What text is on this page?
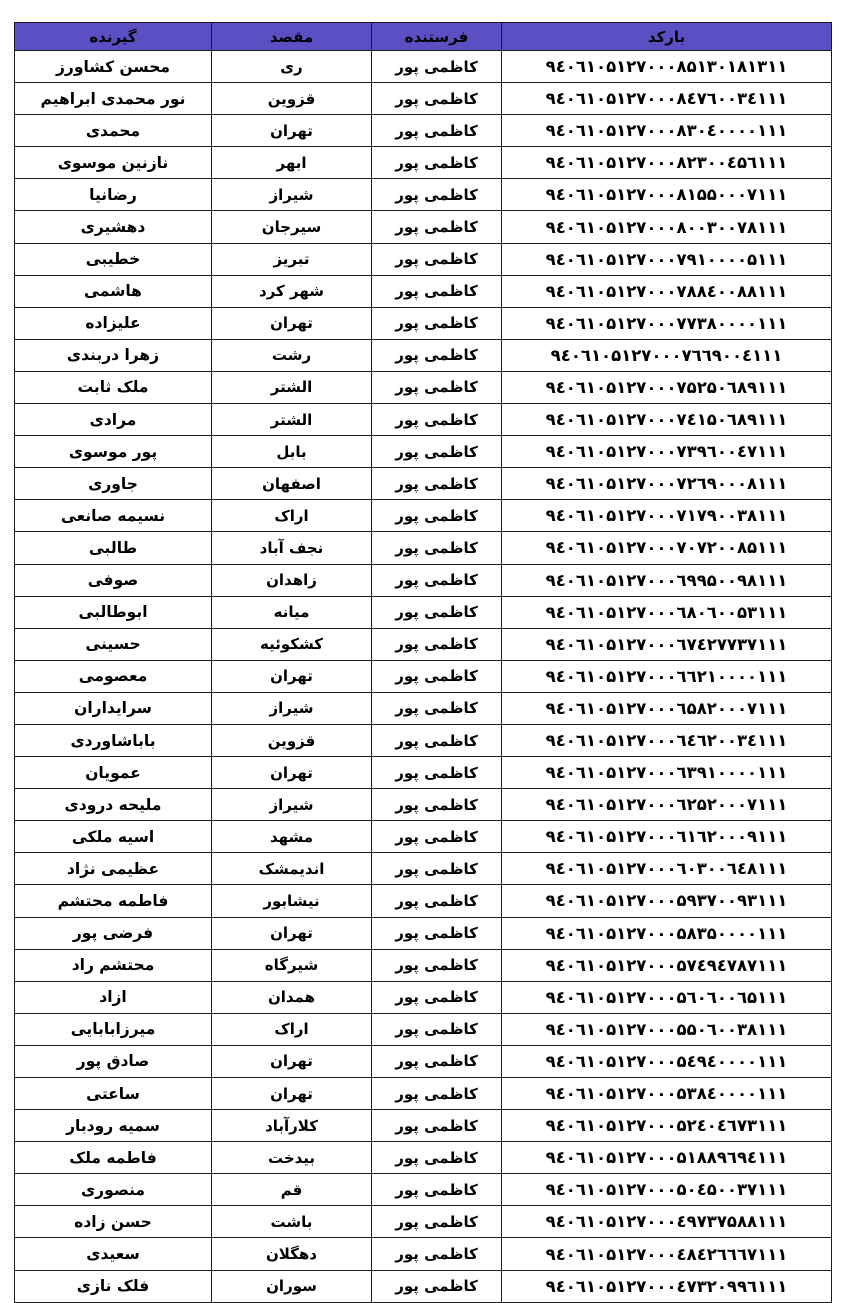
بارکد	فرستنده	مقصد	گیرنده
۹٤۰٦۱۰۵۱۲۷۰۰۰۸۵۱۳۰۱۸۱۳۱۱	کاظمی پور	ری	محسن کشاورز
۹٤۰٦۱۰۵۱۲۷۰۰۰۸٤٧٦۰۰۳٤۱۱۱	کاظمی پور	قزوین	نور محمدی ابراهیم
۹٤۰٦۱۰۵۱۲۷۰۰۰۸۳۰٤۰۰۰۰۱۱۱	کاظمی پور	تهران	محمدی
۹٤۰٦۱۰۵۱۲۷۰۰۰۸۲۳۰۰٤۵٦۱۱۱	کاظمی پور	ابهر	نازنین موسوی
۹٤۰٦۱۰۵۱۲۷۰۰۰۸۱۵۵۰۰۰٧۱۱۱	کاظمی پور	شیراز	رضانیا
۹٤۰٦۱۰۵۱۲۷۰۰۰۸۰۰۳۰۰٧۸۱۱۱	کاظمی پور	سیرجان	دهشیری
۹٤۰٦۱۰۵۱۲۷۰۰۰٧۹۱۰۰۰۰۵۱۱۱	کاظمی پور	تبریز	خطیبی
۹٤۰٦۱۰۵۱۲۷۰۰۰٧۸۸٤۰۰۸۸۱۱۱	کاظمی پور	شهر کرد	هاشمی
۹٤۰٦۱۰۵۱۲۷۰۰۰٧٧۳۸۰۰۰۰۱۱۱	کاظمی پور	تهران	علیزاده
۹٤۰٦۱۰۵۱۲۷۰۰۰٧٦٦۹۰۰٤۱۱۱	کاظمی پور	رشت	زهرا دربندی
۹٤۰٦۱۰۵۱۲۷۰۰۰٧۵۲۵۰٦۸۹۱۱۱	کاظمی پور	الشتر	ملک ثابت
۹٤۰٦۱۰۵۱۲۷۰۰۰٧٤۱۵۰٦۸۹۱۱۱	کاظمی پور	الشتر	مرادی
۹٤۰٦۱۰۵۱۲۷۰۰۰٧۳۹٦۰۰٤٧۱۱۱	کاظمی پور	بابل	پور موسوی
۹٤۰٦۱۰۵۱۲۷۰۰۰٧۲٦۹۰۰۰۸۱۱۱	کاظمی پور	اصفهان	جاوری
۹٤۰٦۱۰۵۱۲۷۰۰۰٧۱٧۹۰۰۳۸۱۱۱	کاظمی پور	اراک	نسیمه صانعی
۹٤۰٦۱۰۵۱۲۷۰۰۰٧۰٧۲۰۰۸۵۱۱۱	کاظمی پور	نجف آباد	طالبی
۹٤۰٦۱۰۵۱۲۷۰۰۰٦۹۹۵۰۰۹۸۱۱۱	کاظمی پور	زاهدان	صوفی
۹٤۰٦۱۰۵۱۲۷۰۰۰٦۸۰٦۰۰۵۳۱۱۱	کاظمی پور	میانه	ابوطالبی
۹٤۰٦۱۰۵۱۲۷۰۰۰٦٧٤۲٧٧۳٧۱۱۱	کاظمی پور	کشکوئیه	حسینی
۹٤۰٦۱۰۵۱۲۷۰۰۰٦٦۲۱۰۰۰۰۱۱۱	کاظمی پور	تهران	معصومی
۹٤۰٦۱۰۵۱۲۷۰۰۰٦۵۸۲۰۰۰٧۱۱۱	کاظمی پور	شیراز	سرایداران
۹٤۰٦۱۰۵۱۲۷۰۰۰٦٤٦۲۰۰۳٤۱۱۱	کاظمی پور	قزوین	باباشاوردی
۹٤۰٦۱۰۵۱۲۷۰۰۰٦۳۹۱۰۰۰۰۱۱۱	کاظمی پور	تهران	عمویان
۹٤۰٦۱۰۵۱۲۷۰۰۰٦۲۵۲۰۰۰٧۱۱۱	کاظمی پور	شیراز	ملیحه درودی
۹٤۰٦۱۰۵۱۲۷۰۰۰٦۱٦۲۰۰۰۹۱۱۱	کاظمی پور	مشهد	اسیه ملکی
۹٤۰٦۱۰۵۱۲۷۰۰۰٦۰۳۰۰٦٤۸۱۱۱	کاظمی پور	اندیمشک	عظیمی نژاد
۹٤۰٦۱۰۵۱۲۷۰۰۰۵۹۳٧۰۰۹۳۱۱۱	کاظمی پور	نیشابور	فاطمه محتشم
۹٤۰٦۱۰۵۱۲۷۰۰۰۵۸۳۵۰۰۰۰۱۱۱	کاظمی پور	تهران	فرضی پور
۹٤۰٦۱۰۵۱۲۷۰۰۰۵٧٤۹٤٧۸٧۱۱۱	کاظمی پور	شیرگاه	محتشم راد
۹٤۰٦۱۰۵۱۲۷۰۰۰۵٦۰٦۰۰٦۵۱۱۱	کاظمی پور	همدان	ازاد
۹٤۰٦۱۰۵۱۲۷۰۰۰۵۵۰٦۰۰۳۸۱۱۱	کاظمی پور	اراک	میرزابابایی
۹٤۰٦۱۰۵۱۲۷۰۰۰۵٤۹٤۰۰۰۰۱۱۱	کاظمی پور	تهران	صادق پور
۹٤۰٦۱۰۵۱۲۷۰۰۰۵۳۸٤۰۰۰۰۱۱۱	کاظمی پور	تهران	ساعتی
۹٤۰٦۱۰۵۱۲۷۰۰۰۵۲٤۰٤٦٧۳۱۱۱	کاظمی پور	کلارآباد	سمیه رودبار
۹٤۰٦۱۰۵۱۲۷۰۰۰۵۱۸۸۹٦۹٤۱۱۱	کاظمی پور	بیدخت	فاطمه ملک
۹٤۰٦۱۰۵۱۲۷۰۰۰۵۰٤۵۰۰۳٧۱۱۱	کاظمی پور	قم	منصوری
۹٤۰٦۱۰۵۱۲۷۰۰۰٤۹٧۳٧۵۸۸۱۱۱	کاظمی پور	باشت	حسن زاده
۹٤۰٦۱۰۵۱۲۷۰۰۰٤۸٤۲٦٦٦٧۱۱۱	کاظمی پور	دهگلان	سعیدی
۹٤۰٦۱۰۵۱۲۷۰۰۰٤٧۳۲۰۹۹٦۱۱۱	کاظمی پور	سوران	فلک نازی
